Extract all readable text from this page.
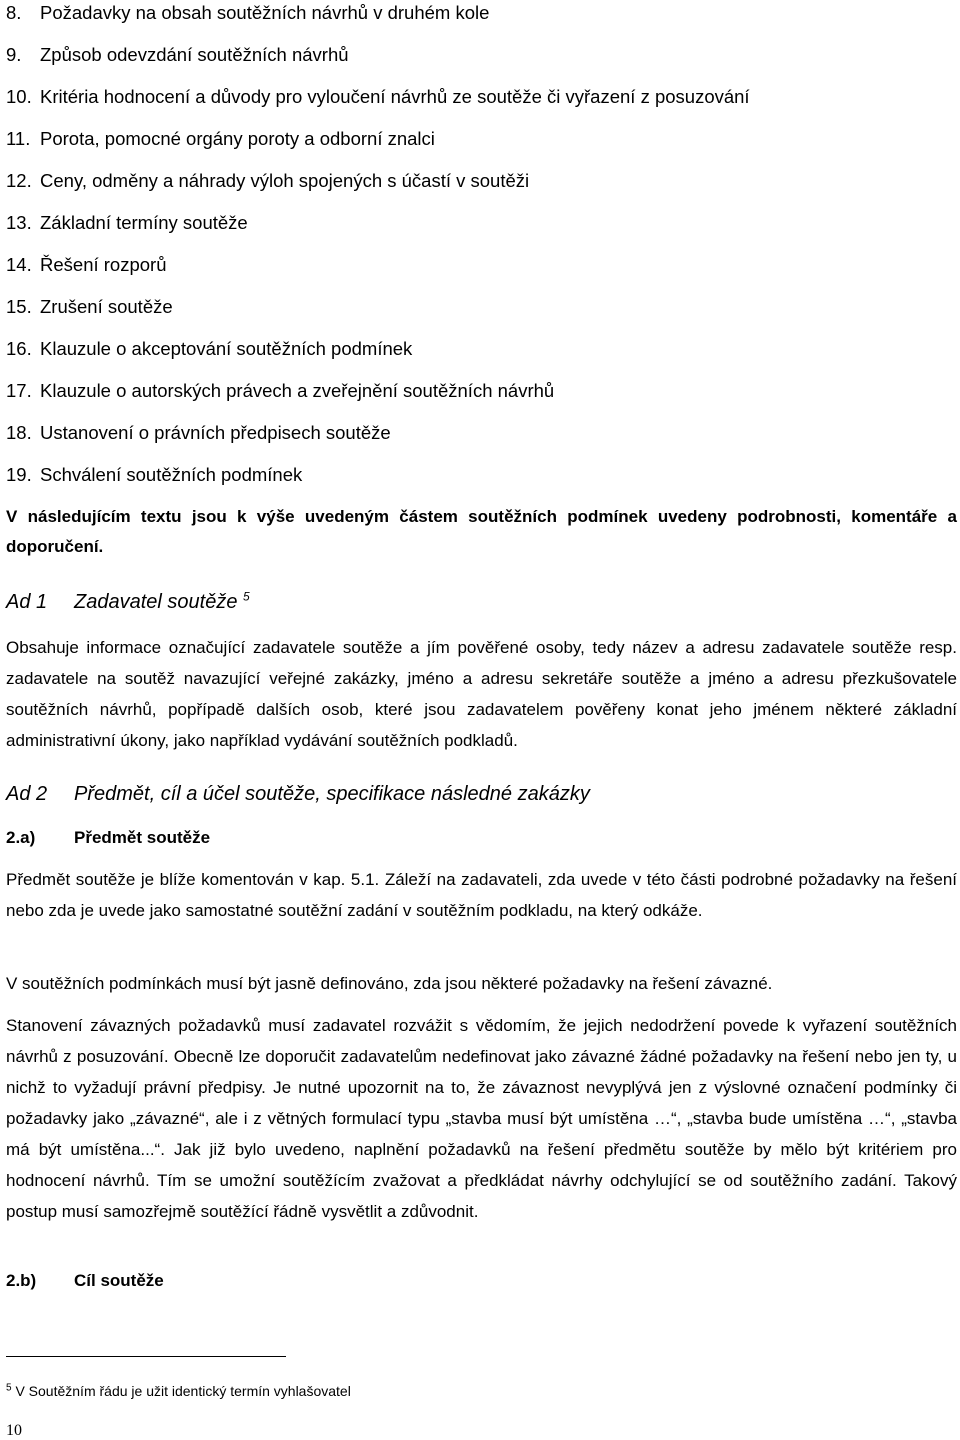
8. Požadavky na obsah soutěžních návrhů v druhém kole
9. Způsob odevzdání soutěžních návrhů
10. Kritéria hodnocení a důvody pro vyloučení návrhů ze soutěže či vyřazení z posuzování
11. Porota, pomocné orgány poroty a odborní znalci
12. Ceny, odměny a náhrady výloh spojených s účastí v soutěži
13. Základní termíny soutěže
14. Řešení rozporů
15. Zrušení soutěže
16. Klauzule o akceptování soutěžních podmínek
17. Klauzule o autorských právech a zveřejnění soutěžních návrhů
18. Ustanovení o právních předpisech soutěže
19. Schválení soutěžních podmínek

V následujícím textu jsou k výše uvedeným částem soutěžních podmínek uvedeny podrobnosti, komentáře a doporučení.

Ad 1 Zadavatel soutěže $^5$

Obsahuje informace označující zadavatele soutěže a jím pověřené osoby, tedy název a adresu zadavatele soutěže resp. zadavatele na soutěž navazující veřejné zakázky, jméno a adresu sekretáře soutěže a jméno a adresu přezkušovatele soutěžních návrhů, popřípadě dalších osob, které jsou zadavatelem pověřeny konat jeho jménem některé základní administrativní úkony, jako například vydávání soutěžních podkladů.

Ad 2 Předmět, cíl a účel soutěže, specifikace následné zakázky
2.a) Předmět soutěže

Předmět soutěže je blíže komentován v kap. 5.1. Záleží na zadavateli, zda uvede v této části podrobné požadavky na řešení nebo zda je uvede jako samostatné soutěžní zadání v soutěžním podkladu, na který odkáže.

V soutěžních podmínkách musí být jasně definováno, zda jsou některé požadavky na řešení závazné.

Stanovení závazných požadavků musí zadavatel rozvážit s vědomím, že jejich nedodržení povede k vyřazení soutěžních návrhů z posuzování. Obecně lze doporučit zadavatelům nedefinovat jako závazné žádné požadavky na řešení nebo jen ty, u nichž to vyžadují právní předpisy. Je nutné upozornit na to, že závaznost nevyplývá jen z výslovné označení podmínky či požadavky jako „závazné“, ale i z větných formulací typu „stavba musí být umístěna …“, „stavba bude umístěna …“, „stavba má být umístěna...“. Jak již bylo uvedeno, naplnění požadavků na řešení předmětu soutěže by mělo být kritériem pro hodnocení návrhů. Tím se umožní soutěžícím zvažovat a předkládat návrhy odchylující se od soutěžního zadání. Takový postup musí samozřejmě soutěžící řádně vysvětlit a zdůvodnit.

2.b) Cíl soutěže
$^5$ V Soutěžním řádu je užit identický termín vyhlašovatel
10
